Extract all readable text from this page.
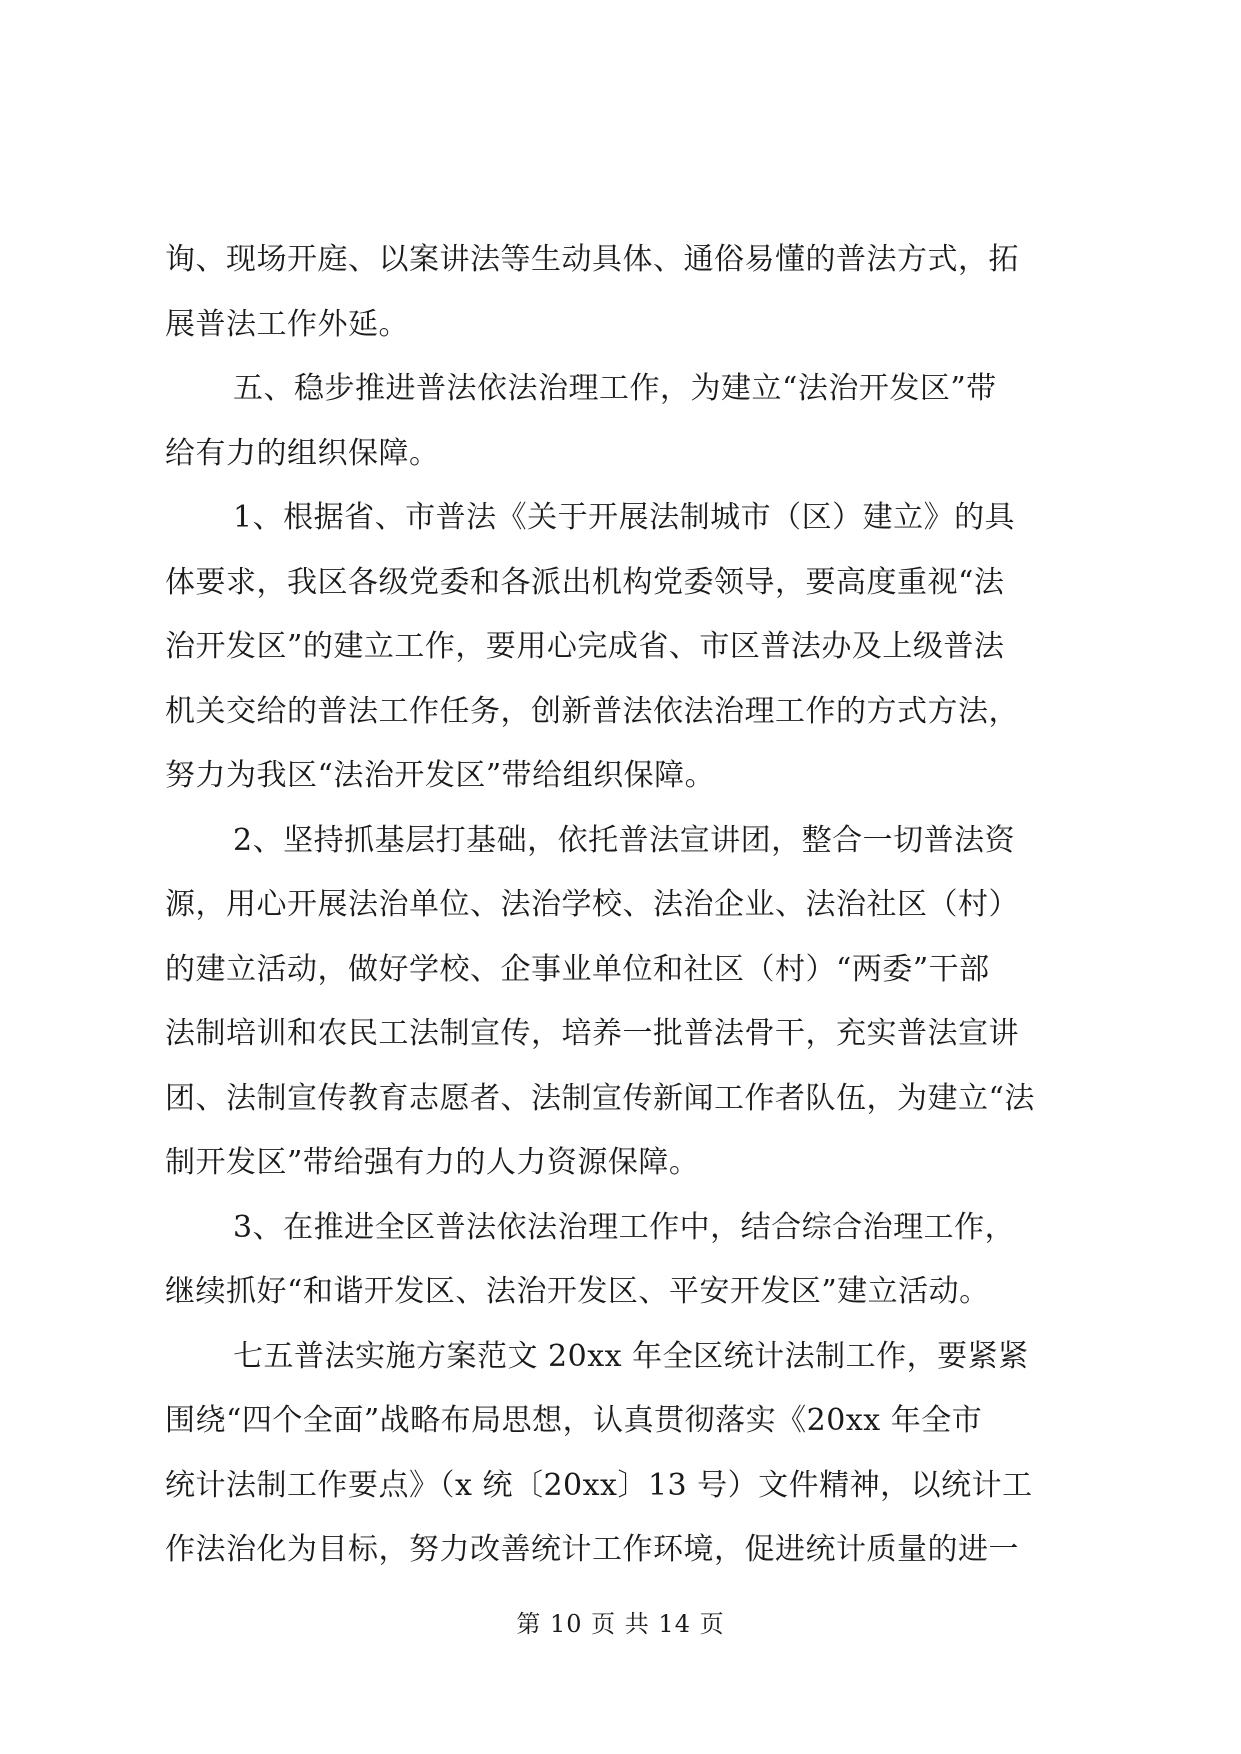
询、现场开庭、以案讲法等生动具体、通俗易懂的普法方式，拓
展普法工作外延。
五、稳步推进普法依法治理工作，为建立“法治开发区”带
给有力的组织保障。
1、根据省、市普法《关于开展法制城市（区）建立》的具
体要求，我区各级党委和各派出机构党委领导，要高度重视“法
治开发区”的建立工作，要用心完成省、市区普法办及上级普法
机关交给的普法工作任务，创新普法依法治理工作的方式方法，
努力为我区“法治开发区”带给组织保障。
2、坚持抓基层打基础，依托普法宣讲团，整合一切普法资
源，用心开展法治单位、法治学校、法治企业、法治社区（村）
的建立活动，做好学校、企事业单位和社区（村）“两委”干部
法制培训和农民工法制宣传，培养一批普法骨干，充实普法宣讲
团、法制宣传教育志愿者、法制宣传新闻工作者队伍，为建立“法
制开发区”带给强有力的人力资源保障。
3、在推进全区普法依法治理工作中，结合综合治理工作，
继续抓好“和谐开发区、法治开发区、平安开发区”建立活动。
七五普法实施方案范文 20xx 年全区统计法制工作，要紧紧
围绕“四个全面”战略布局思想，认真贯彻落实《20xx 年全市
统计法制工作要点》（x 统〔20xx〕13 号）文件精神，以统计工
作法治化为目标，努力改善统计工作环境，促进统计质量的进一
第 10 页 共 14 页
